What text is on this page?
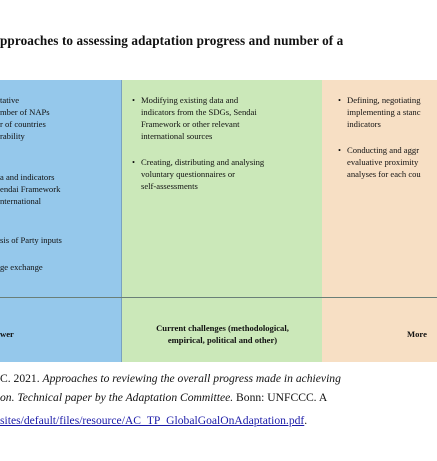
pproaches to assessing adaptation progress and number of a
tative
mber of NAPs
r of countries
rability
a and indicators
endai Framework
nternational
sis of Party inputs
ge exchange
wer
• Modifying existing data and
indicators from the SDGs, Sendai
Framework or other relevant
international sources
• Creating, distributing and analysing
voluntary questionnaires or
self-assessments
Current challenges (methodological,
empirical, political and other)
• Defining, negotiating
implementing a stanc
indicators
• Conducting and aggr
evaluative proximity
analyses for each cou
More
C. 2021. Approaches to reviewing the overall progress made in achieving
on. Technical paper by the Adaptation Committee. Bonn: UNFCCC. A
sites/default/files/resource/AC_TP_GlobalGoalOnAdaptation.pdf.
